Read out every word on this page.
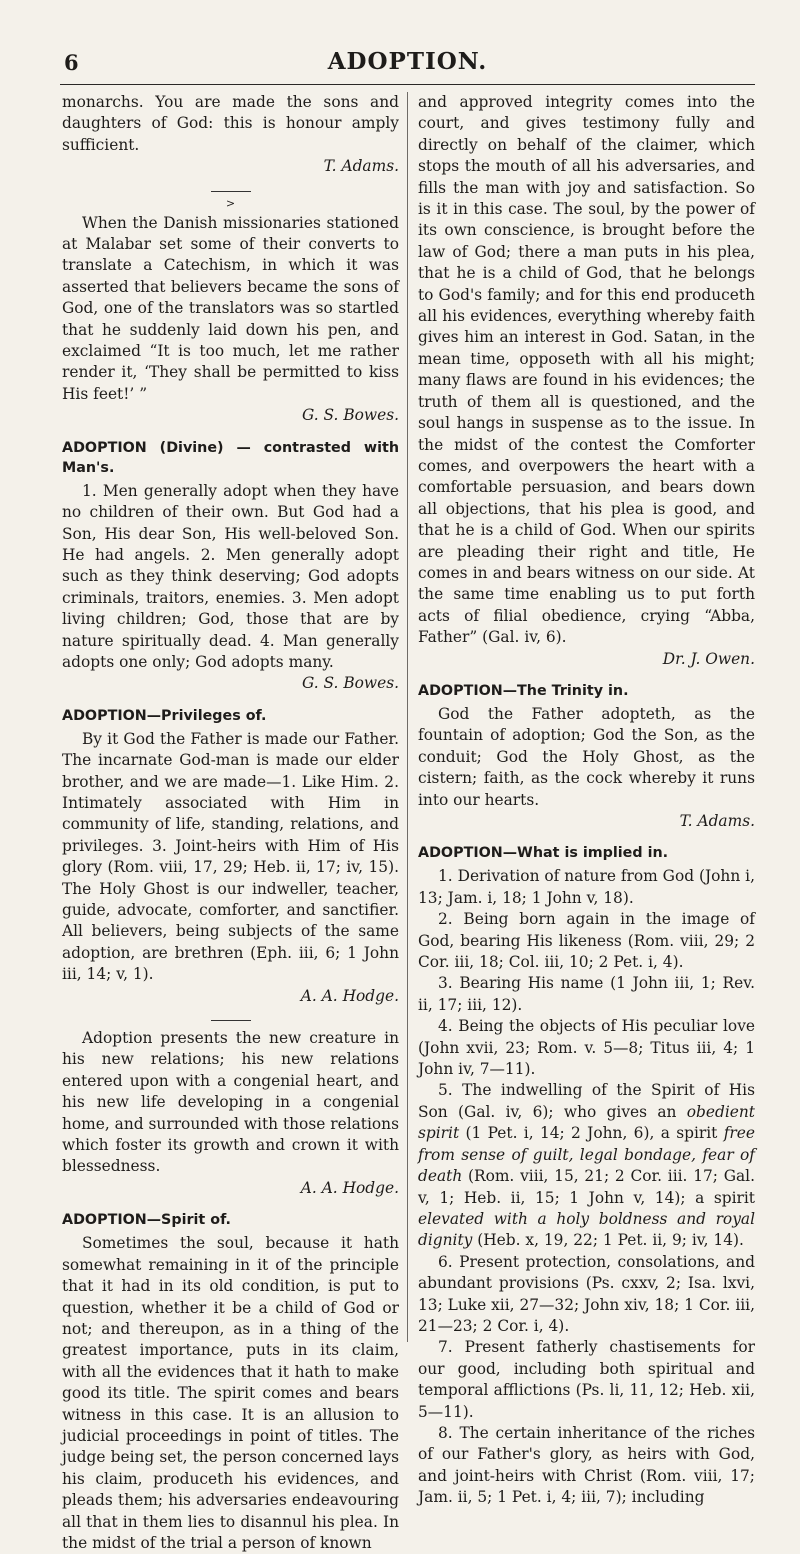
6	ADOPTION.

monarchs. You are made the sons and daughters of God: this is honour amply sufficient.

T. Adams.

>

When the Danish missionaries stationed at Malabar set some of their converts to translate a Catechism, in which it was asserted that believers became the sons of God, one of the translators was so startled that he suddenly laid down his pen, and exclaimed “It is too much, let me rather render it, ‘They shall be permitted to kiss His feet!’ ”

G. S. Bowes.

ADOPTION (Divine) — contrasted with Man's.

1. Men generally adopt when they have no children of their own. But God had a Son, His dear Son, His well-beloved Son. He had angels. 2. Men generally adopt such as they think deserving; God adopts criminals, traitors, enemies. 3. Men adopt living children; God, those that are by nature spiritually dead. 4. Man generally adopts one only; God adopts many.

G. S. Bowes.

ADOPTION—Privileges of.

By it God the Father is made our Father. The incarnate God-man is made our elder brother, and we are made—1. Like Him. 2. Intimately associated with Him in community of life, standing, relations, and privileges. 3. Joint-heirs with Him of His glory (Rom. viii, 17, 29; Heb. ii, 17; iv, 15). The Holy Ghost is our indweller, teacher, guide, advocate, comforter, and sanctifier. All believers, being subjects of the same adoption, are brethren (Eph. iii, 6; 1 John iii, 14; v, 1).

A. A. Hodge.

Adoption presents the new creature in his new relations; his new relations entered upon with a congenial heart, and his new life developing in a congenial home, and surrounded with those relations which foster its growth and crown it with blessedness.

A. A. Hodge.

ADOPTION—Spirit of.

Sometimes the soul, because it hath somewhat remaining in it of the principle that it had in its old condition, is put to question, whether it be a child of God or not; and thereupon, as in a thing of the greatest importance, puts in its claim, with all the evidences that it hath to make good its title. The spirit comes and bears witness in this case. It is an allusion to judicial proceedings in point of titles. The judge being set, the person concerned lays his claim, produceth his evidences, and pleads them; his adversaries endeavouring all that in them lies to disannul his plea. In the midst of the trial a person of known

and approved integrity comes into the court, and gives testimony fully and directly on behalf of the claimer, which stops the mouth of all his adversaries, and fills the man with joy and satisfaction. So is it in this case. The soul, by the power of its own conscience, is brought before the law of God; there a man puts in his plea, that he is a child of God, that he belongs to God's family; and for this end produceth all his evidences, everything whereby faith gives him an interest in God. Satan, in the mean time, opposeth with all his might; many flaws are found in his evidences; the truth of them all is questioned, and the soul hangs in suspense as to the issue. In the midst of the contest the Comforter comes, and overpowers the heart with a comfortable persuasion, and bears down all objections, that his plea is good, and that he is a child of God. When our spirits are pleading their right and title, He comes in and bears witness on our side. At the same time enabling us to put forth acts of filial obedience, crying “Abba, Father” (Gal. iv, 6).

Dr. J. Owen.

ADOPTION—The Trinity in.

God the Father adopteth, as the fountain of adoption; God the Son, as the conduit; God the Holy Ghost, as the cistern; faith, as the cock whereby it runs into our hearts.

T. Adams.

ADOPTION—What is implied in.

1. Derivation of nature from God (John i, 13; Jam. i, 18; 1 John v, 18).

2. Being born again in the image of God, bearing His likeness (Rom. viii, 29; 2 Cor. iii, 18; Col. iii, 10; 2 Pet. i, 4).

3. Bearing His name (1 John iii, 1; Rev. ii, 17; iii, 12).

4. Being the objects of His peculiar love (John xvii, 23; Rom. v. 5—8; Titus iii, 4; 1 John iv, 7—11).

5. The indwelling of the Spirit of His Son (Gal. iv, 6); who gives an obedient spirit (1 Pet. i, 14; 2 John, 6), a spirit free from sense of guilt, legal bondage, fear of death (Rom. viii, 15, 21; 2 Cor. iii. 17; Gal. v, 1; Heb. ii, 15; 1 John v, 14); a spirit elevated with a holy boldness and royal dignity (Heb. x, 19, 22; 1 Pet. ii, 9; iv, 14).

6. Present protection, consolations, and abundant provisions (Ps. cxxv, 2; Isa. lxvi, 13; Luke xii, 27—32; John xiv, 18; 1 Cor. iii, 21—23; 2 Cor. i, 4).

7. Present fatherly chastisements for our good, including both spiritual and temporal afflictions (Ps. li, 11, 12; Heb. xii, 5—11).

8. The certain inheritance of the riches of our Father's glory, as heirs with God, and joint-heirs with Christ (Rom. viii, 17; Jam. ii, 5; 1 Pet. i, 4; iii, 7); including
